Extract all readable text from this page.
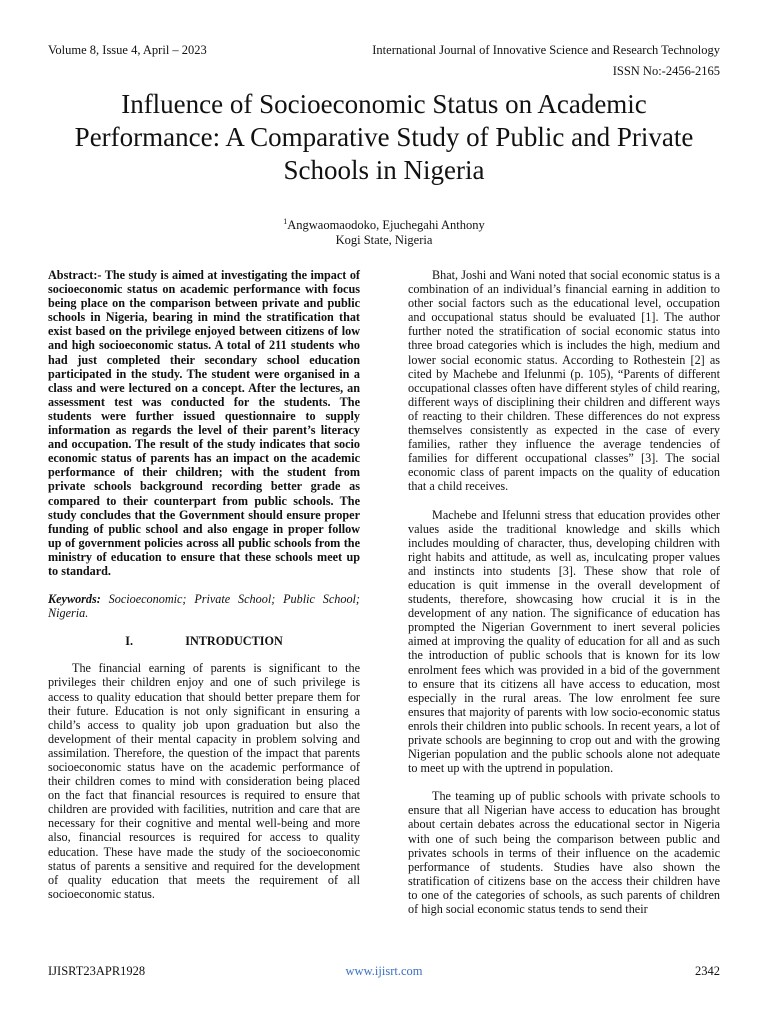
Volume 8, Issue 4, April – 2023	International Journal of Innovative Science and Research Technology
ISSN No:-2456-2165
Influence of Socioeconomic Status on Academic Performance: A Comparative Study of Public and Private Schools in Nigeria
$^1$Angwaomaodoko, Ejuchegahi Anthony
Kogi State, Nigeria

Abstract:- The study is aimed at investigating the impact of socioeconomic status on academic performance with focus being place on the comparison between private and public schools in Nigeria, bearing in mind the stratification that exist based on the privilege enjoyed between citizens of low and high socioeconomic status. A total of 211 students who had just completed their secondary school education participated in the study. The student were organised in a class and were lectured on a concept. After the lectures, an assessment test was conducted for the students. The students were further issued questionnaire to supply information as regards the level of their parent’s literacy and occupation. The result of the study indicates that socio economic status of parents has an impact on the academic performance of their children; with the student from private schools background recording better grade as compared to their counterpart from public schools. The study concludes that the Government should ensure proper funding of public school and also engage in proper follow up of government policies across all public schools from the ministry of education to ensure that these schools meet up to standard.

Keywords: Socioeconomic; Private School; Public School; Nigeria.

I.	INTRODUCTION

The financial earning of parents is significant to the privileges their children enjoy and one of such privilege is access to quality education that should better prepare them for their future. Education is not only significant in ensuring a child’s access to quality job upon graduation but also the development of their mental capacity in problem solving and assimilation. Therefore, the question of the impact that parents socioeconomic status have on the academic performance of their children comes to mind with consideration being placed on the fact that financial resources is required to ensure that children are provided with facilities, nutrition and care that are necessary for their cognitive and mental well-being and more also, financial resources is required for access to quality education. These have made the study of the socioeconomic status of parents a sensitive and required for the development of quality education that meets the requirement of all socioeconomic status.

Bhat, Joshi and Wani noted that social economic status is a combination of an individual’s financial earning in addition to other social factors such as the educational level, occupation and occupational status should be evaluated [1]. The author further noted the stratification of social economic status into three broad categories which is includes the high, medium and lower social economic status. According to Rothestein [2] as cited by Machebe and Ifelunmi (p. 105), “Parents of different occupational classes often have different styles of child rearing, different ways of disciplining their children and different ways of reacting to their children. These differences do not express themselves consistently as expected in the case of every families, rather they influence the average tendencies of families for different occupational classes” [3]. The social economic class of parent impacts on the quality of education that a child receives.

Machebe and Ifelunni stress that education provides other values aside the traditional knowledge and skills which includes moulding of character, thus, developing children with right habits and attitude, as well as, inculcating proper values and instincts into students [3]. These show that role of education is quit immense in the overall development of students, therefore, showcasing how crucial it is in the development of any nation. The significance of education has prompted the Nigerian Government to inert several policies aimed at improving the quality of education for all and as such the introduction of public schools that is known for its low enrolment fees which was provided in a bid of the government to ensure that its citizens all have access to education, most especially in the rural areas. The low enrolment fee sure ensures that majority of parents with low socio-economic status enrols their children into public schools. In recent years, a lot of private schools are beginning to crop out and with the growing Nigerian population and the public schools alone not adequate to meet up with the uptrend in population.

The teaming up of public schools with private schools to ensure that all Nigerian have access to education has brought about certain debates across the educational sector in Nigeria with one of such being the comparison between public and privates schools in terms of their influence on the academic performance of students. Studies have also shown the stratification of citizens base on the access their children have to one of the categories of schools, as such parents of children of high social economic status tends to send their

IJISRT23APR1928	www.ijisrt.com	2342
